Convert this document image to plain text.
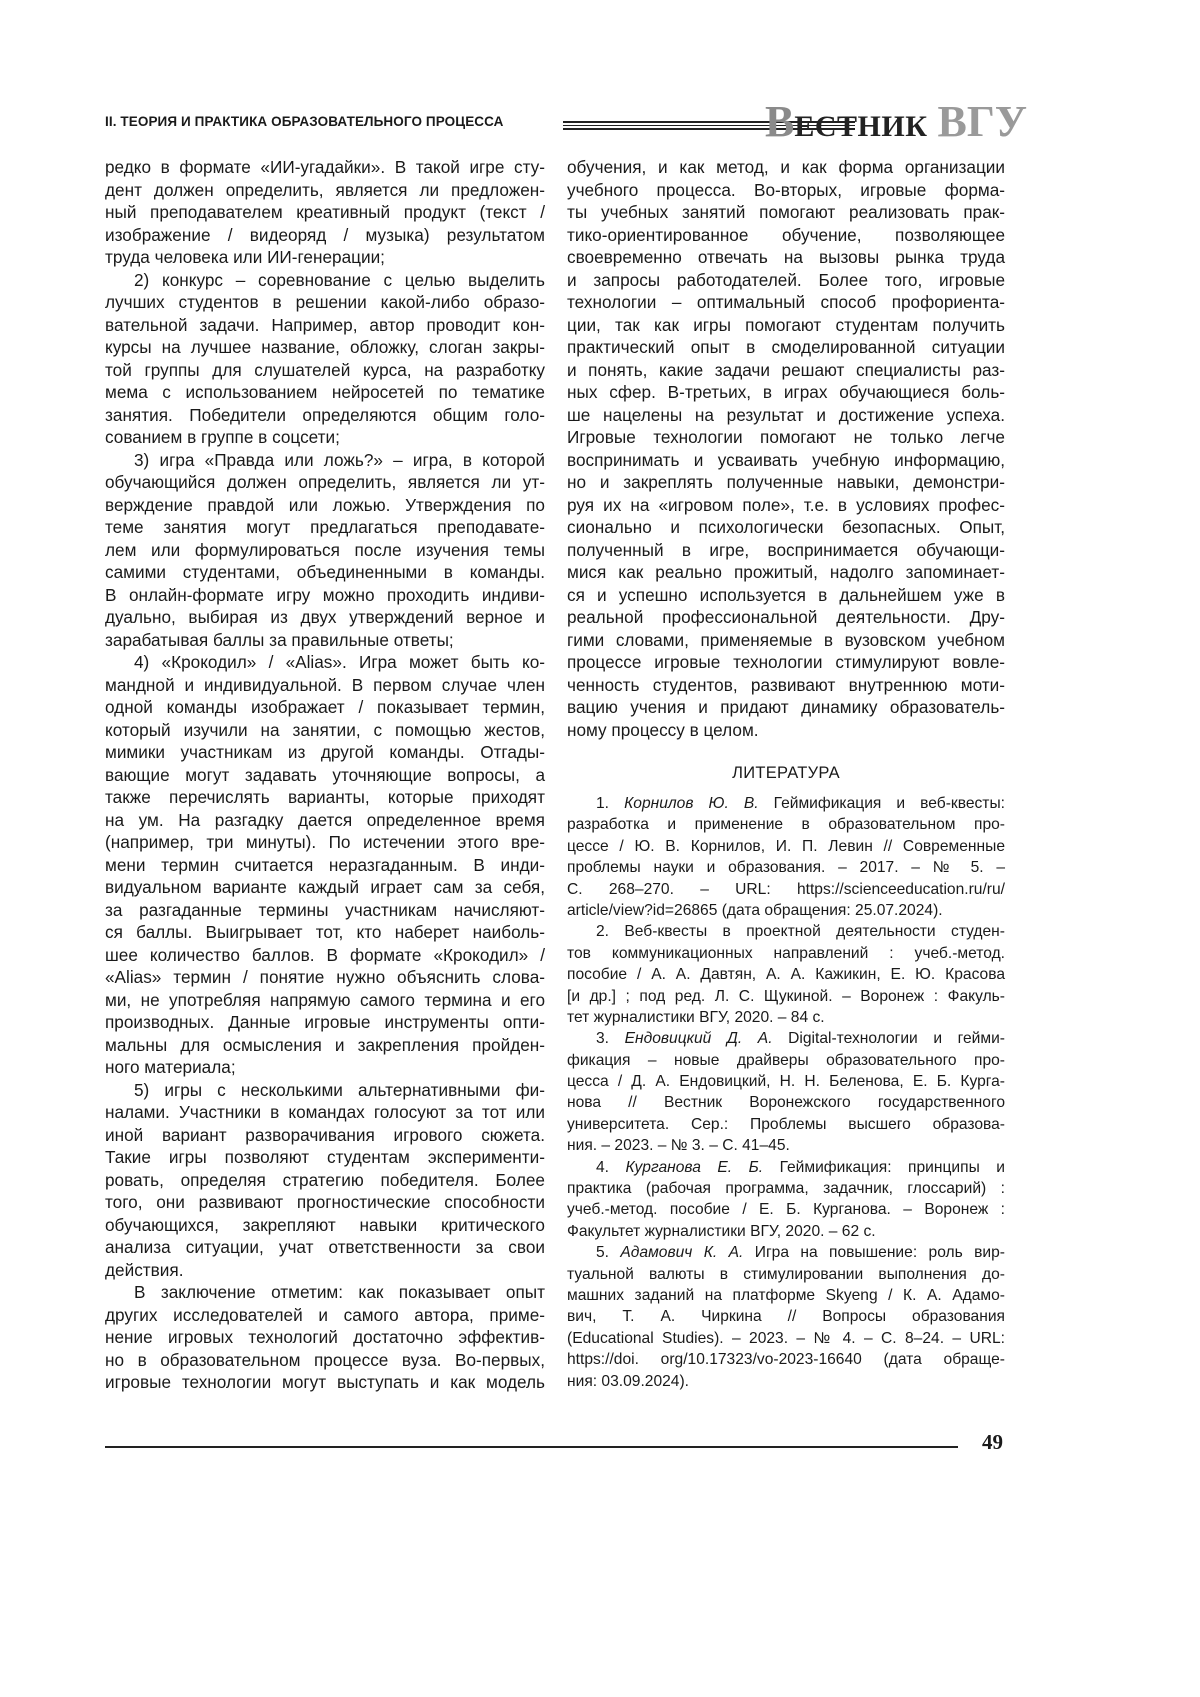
II. ТЕОРИЯ И ПРАКТИКА ОБРАЗОВАТЕЛЬНОГО ПРОЦЕССА	ВЕСТНИК ВГУ
редко в формате «ИИ-угадайки». В такой игре сту-
дент должен определить, является ли предложен-
ный преподавателем креативный продукт (текст /
изображение / видеоряд / музыка) результатом
труда человека или ИИ-генерации;
2) конкурс – соревнование с целью выделить
лучших студентов в решении какой-либо образо-
вательной задачи. Например, автор проводит кон-
курсы на лучшее название, обложку, слоган закры-
той группы для слушателей курса, на разработку
мема с использованием нейросетей по тематике
занятия. Победители определяются общим голо-
сованием в группе в соцсети;
3) игра «Правда или ложь?» – игра, в которой
обучающийся должен определить, является ли ут-
верждение правдой или ложью. Утверждения по
теме занятия могут предлагаться преподавате-
лем или формулироваться после изучения темы
самими студентами, объединенными в команды.
В онлайн-формате игру можно проходить индиви-
дуально, выбирая из двух утверждений верное и
зарабатывая баллы за правильные ответы;
4) «Крокодил» / «Alias». Игра может быть ко-
мандной и индивидуальной. В первом случае член
одной команды изображает / показывает термин,
который изучили на занятии, с помощью жестов,
мимики участникам из другой команды. Отгады-
вающие могут задавать уточняющие вопросы, а
также перечислять варианты, которые приходят
на ум. На разгадку дается определенное время
(например, три минуты). По истечении этого вре-
мени термин считается неразгаданным. В инди-
видуальном варианте каждый играет сам за себя,
за разгаданные термины участникам начисляют-
ся баллы. Выигрывает тот, кто наберет наиболь-
шее количество баллов. В формате «Крокодил» /
«Alias» термин / понятие нужно объяснить слова-
ми, не употребляя напрямую самого термина и его
производных. Данные игровые инструменты опти-
мальны для осмысления и закрепления пройден-
ного материала;
5) игры с несколькими альтернативными фи-
налами. Участники в командах голосуют за тот или
иной вариант разворачивания игрового сюжета.
Такие игры позволяют студентам эксперименти-
ровать, определяя стратегию победителя. Более
того, они развивают прогностические способности
обучающихся, закрепляют навыки критического
анализа ситуации, учат ответственности за свои
действия.
В заключение отметим: как показывает опыт
других исследователей и самого автора, приме-
нение игровых технологий достаточно эффектив-
но в образовательном процессе вуза. Во-первых,
игровые технологии могут выступать и как модель
обучения, и как метод, и как форма организации
учебного процесса. Во-вторых, игровые форма-
ты учебных занятий помогают реализовать прак-
тико-ориентированное обучение, позволяющее
своевременно отвечать на вызовы рынка труда
и запросы работодателей. Более того, игровые
технологии – оптимальный способ профориента-
ции, так как игры помогают студентам получить
практический опыт в смоделированной ситуации
и понять, какие задачи решают специалисты раз-
ных сфер. В-третьих, в играх обучающиеся боль-
ше нацелены на результат и достижение успеха.
Игровые технологии помогают не только легче
воспринимать и усваивать учебную информацию,
но и закреплять полученные навыки, демонстри-
руя их на «игровом поле», т.е. в условиях профес-
сионально и психологически безопасных. Опыт,
полученный в игре, воспринимается обучающи-
мися как реально прожитый, надолго запоминает-
ся и успешно используется в дальнейшем уже в
реальной профессиональной деятельности. Дру-
гими словами, применяемые в вузовском учебном
процессе игровые технологии стимулируют вовле-
ченность студентов, развивают внутреннюю моти-
вацию учения и придают динамику образователь-
ному процессу в целом.
ЛИТЕРАТУРА
1. Корнилов Ю. В. Геймификация и веб-квесты:
разработка и применение в образовательном про-
цессе / Ю. В. Корнилов, И. П. Левин // Современные
проблемы науки и образования. – 2017. – № 5. –
С. 268–270. – URL: https://scienceeducation.ru/ru/
article/view?id=26865 (дата обращения: 25.07.2024).
2. Веб-квесты в проектной деятельности студен-
тов коммуникационных направлений : учеб.-метод.
пособие / А. А. Давтян, А. А. Кажикин, Е. Ю. Красова
[и др.] ; под ред. Л. С. Щукиной. – Воронеж : Факуль-
тет журналистики ВГУ, 2020. – 84 с.
3. Ендовицкий Д. А. Digital-технологии и гейми-
фикация – новые драйверы образовательного про-
цесса / Д. А. Ендовицкий, Н. Н. Беленова, Е. Б. Курга-
нова // Вестник Воронежского государственного
университета. Сер.: Проблемы высшего образова-
ния. – 2023. – № 3. – С. 41–45.
4. Курганова Е. Б. Геймификация: принципы и
практика (рабочая программа, задачник, глоссарий) :
учеб.-метод. пособие / Е. Б. Курганова. – Воронеж :
Факультет журналистики ВГУ, 2020. – 62 с.
5. Адамович К. А. Игра на повышение: роль вир-
туальной валюты в стимулировании выполнения до-
машних заданий на платформе Skyeng / К. А. Адамо-
вич, Т. А. Чиркина // Вопросы образования
(Educational Studies). – 2023. – № 4. – С. 8–24. – URL:
https://doi. org/10.17323/vo-2023-16640 (дата обраще-
ния: 03.09.2024).
49
